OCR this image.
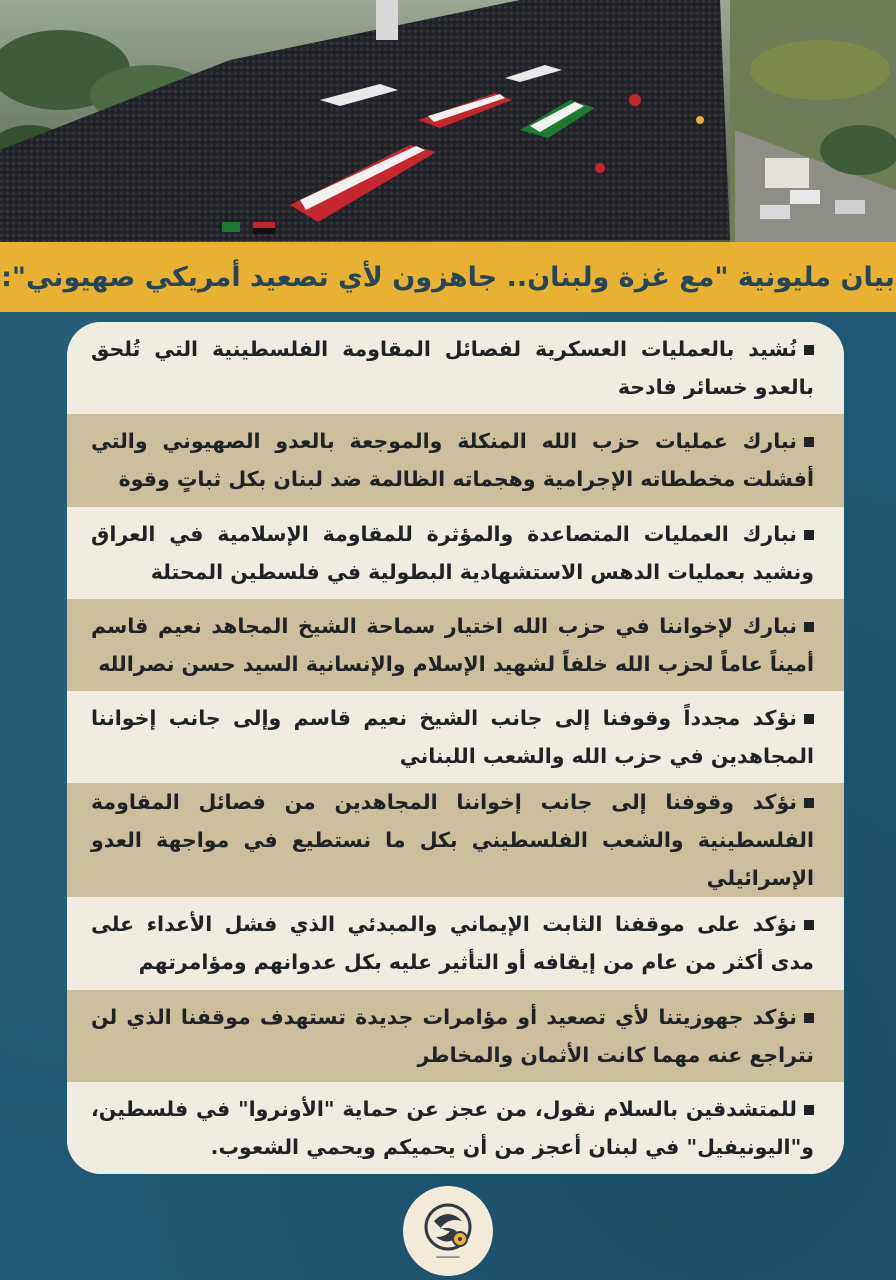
بيان مليونية "مع غزة ولبنان.. جاهزون لأي تصعيد أمريكي صهيوني":
نُشيد بالعمليات العسكرية لفصائل المقاومة الفلسطينية التي تُلحق بالعدو خسائر فادحة
نبارك عمليات حزب الله المنكلة والموجعة بالعدو الصهيوني والتي أفشلت مخططاته الإجرامية وهجماته الظالمة ضد لبنان بكل ثباتٍ وقوة
نبارك العمليات المتصاعدة والمؤثرة للمقاومة الإسلامية في العراق ونشيد بعمليات الدهس الاستشهادية البطولية في فلسطين المحتلة
نبارك لإخواننا في حزب الله اختيار سماحة الشيخ المجاهد نعيم قاسم أميناً عاماً لحزب الله خلفاً لشهيد الإسلام والإنسانية السيد حسن نصرالله
نؤكد مجدداً وقوفنا إلى جانب الشيخ نعيم قاسم وإلى جانب إخواننا المجاهدين في حزب الله والشعب اللبناني
نؤكد وقوفنا إلى جانب إخواننا المجاهدين من فصائل المقاومة الفلسطينية والشعب الفلسطيني بكل ما نستطيع في مواجهة العدو الإسرائيلي
نؤكد على موقفنا الثابت الإيماني والمبدئي الذي فشل الأعداء على مدى أكثر من عام من إيقافه أو التأثير عليه بكل عدوانهم ومؤامرتهم
نؤكد جهوزيتنا لأي تصعيد أو مؤامرات جديدة تستهدف موقفنا الذي لن نتراجع عنه مهما كانت الأثمان والمخاطر
للمتشدقين بالسلام نقول، من عجز عن حماية "الأونروا" في فلسطين، و"اليونيفيل" في لبنان أعجز من أن يحميكم ويحمي الشعوب.
━━━━━━━
